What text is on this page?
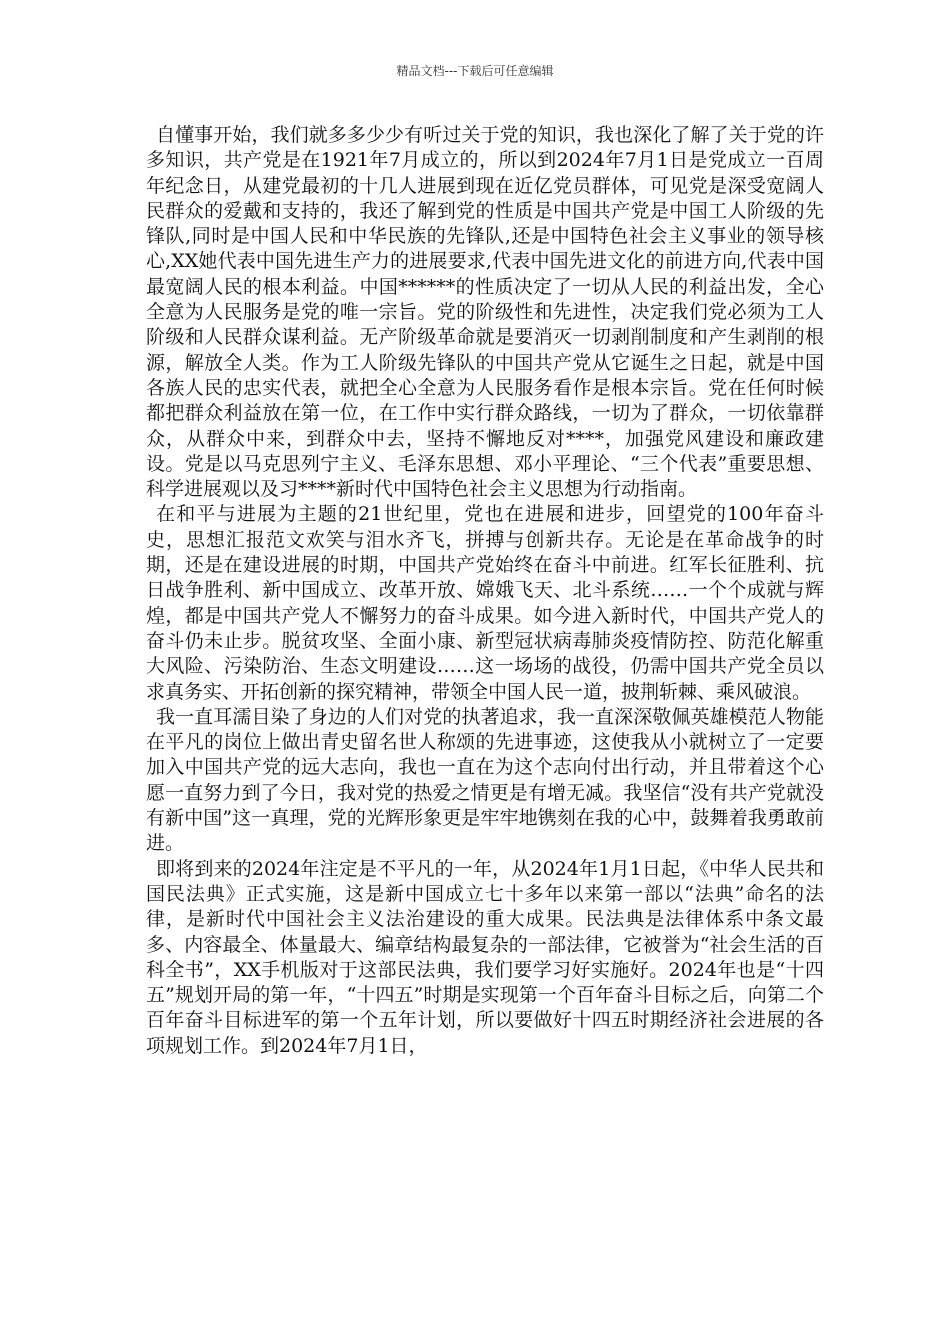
精品文档---下载后可任意编辑

自懂事开始，我们就多多少少有听过关于党的知识，我也深化了解了关于党的许多知识，共产党是在1921年7月成立的，所以到2024年7月1日是党成立一百周年纪念日，从建党最初的十几人进展到现在近亿党员群体，可见党是深受宽阔人民群众的爱戴和支持的，我还了解到党的性质是中国共产党是中国工人阶级的先锋队,同时是中国人民和中华民族的先锋队,还是中国特色社会主义事业的领导核心,XX她代表中国先进生产力的进展要求,代表中国先进文化的前进方向,代表中国最宽阔人民的根本利益。中国******的性质决定了一切从人民的利益出发，全心全意为人民服务是党的唯一宗旨。党的阶级性和先进性，决定我们党必须为工人阶级和人民群众谋利益。无产阶级革命就是要消灭一切剥削制度和产生剥削的根源，解放全人类。作为工人阶级先锋队的中国共产党从它诞生之日起，就是中国各族人民的忠实代表，就把全心全意为人民服务看作是根本宗旨。党在任何时候都把群众利益放在第一位，在工作中实行群众路线，一切为了群众，一切依靠群众，从群众中来，到群众中去，坚持不懈地反对****，加强党风建设和廉政建设。党是以马克思列宁主义、毛泽东思想、邓小平理论、“三个代表”重要思想、科学进展观以及习****新时代中国特色社会主义思想为行动指南。

在和平与进展为主题的21世纪里，党也在进展和进步，回望党的100年奋斗史，思想汇报范文欢笑与泪水齐飞，拼搏与创新共存。无论是在革命战争的时期，还是在建设进展的时期，中国共产党始终在奋斗中前进。红军长征胜利、抗日战争胜利、新中国成立、改革开放、嫦娥飞天、北斗系统……一个个成就与辉煌，都是中国共产党人不懈努力的奋斗成果。如今进入新时代，中国共产党人的奋斗仍未止步。脱贫攻坚、全面小康、新型冠状病毒肺炎疫情防控、防范化解重大风险、污染防治、生态文明建设……这一场场的战役，仍需中国共产党全员以求真务实、开拓创新的探究精神，带领全中国人民一道，披荆斩棘、乘风破浪。

我一直耳濡目染了身边的人们对党的执著追求，我一直深深敬佩英雄模范人物能在平凡的岗位上做出青史留名世人称颂的先进事迹，这使我从小就树立了一定要加入中国共产党的远大志向，我也一直在为这个志向付出行动，并且带着这个心愿一直努力到了今日，我对党的热爱之情更是有增无减。我坚信“没有共产党就没有新中国”这一真理，党的光辉形象更是牢牢地镌刻在我的心中，鼓舞着我勇敢前进。

即将到来的2024年注定是不平凡的一年，从2024年1月1日起，《中华人民共和国民法典》正式实施，这是新中国成立七十多年以来第一部以“法典”命名的法律，是新时代中国社会主义法治建设的重大成果。民法典是法律体系中条文最多、内容最全、体量最大、编章结构最复杂的一部法律，它被誉为“社会生活的百科全书”，XX手机版对于这部民法典，我们要学习好实施好。2024年也是“十四五”规划开局的第一年，“十四五”时期是实现第一个百年奋斗目标之后，向第二个百年奋斗目标进军的第一个五年计划，所以要做好十四五时期经济社会进展的各项规划工作。到2024年7月1日，
